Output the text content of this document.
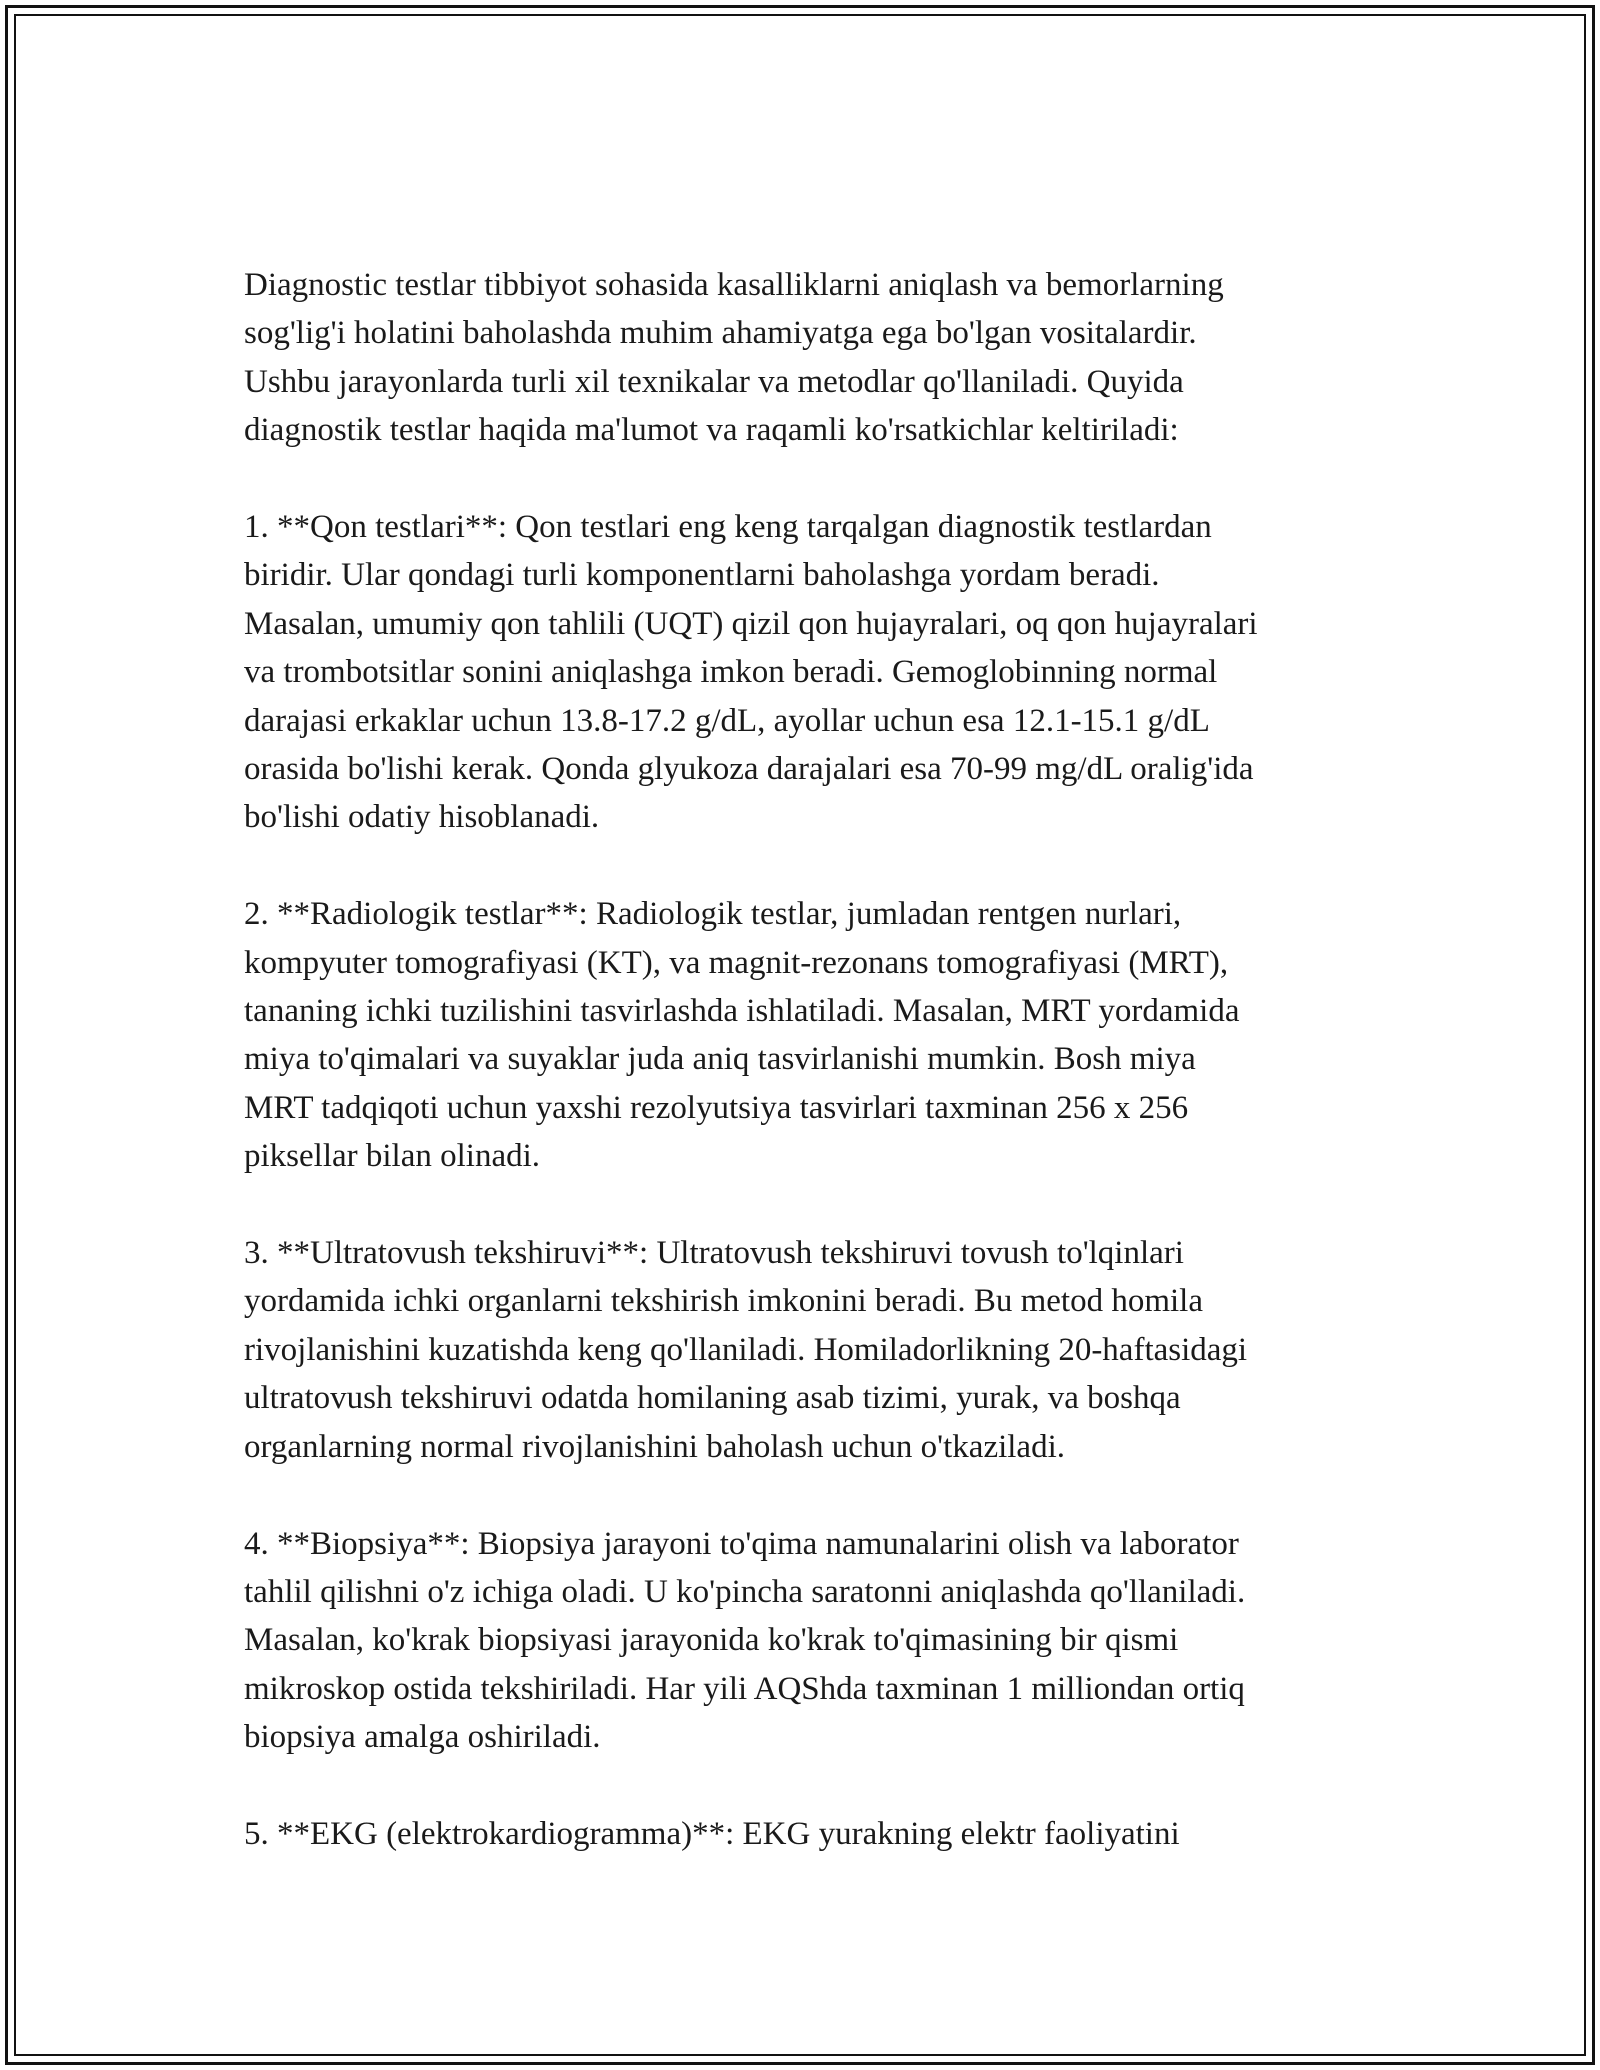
Diagnostic testlar tibbiyot sohasida kasalliklarni aniqlash va bemorlarning
sog'lig'i holatini baholashda muhim ahamiyatga ega bo'lgan vositalardir.
Ushbu jarayonlarda turli xil texnikalar va metodlar qo'llaniladi. Quyida
diagnostik testlar haqida ma'lumot va raqamli ko'rsatkichlar keltiriladi:

1. **Qon testlari**: Qon testlari eng keng tarqalgan diagnostik testlardan
biridir. Ular qondagi turli komponentlarni baholashga yordam beradi.
Masalan, umumiy qon tahlili (UQT) qizil qon hujayralari, oq qon hujayralari
va trombotsitlar sonini aniqlashga imkon beradi. Gemoglobinning normal
darajasi erkaklar uchun 13.8-17.2 g/dL, ayollar uchun esa 12.1-15.1 g/dL
orasida bo'lishi kerak. Qonda glyukoza darajalari esa 70-99 mg/dL oralig'ida
bo'lishi odatiy hisoblanadi.

2. **Radiologik testlar**: Radiologik testlar, jumladan rentgen nurlari,
kompyuter tomografiyasi (KT), va magnit-rezonans tomografiyasi (MRT),
tananing ichki tuzilishini tasvirlashda ishlatiladi. Masalan, MRT yordamida
miya to'qimalari va suyaklar juda aniq tasvirlanishi mumkin. Bosh miya
MRT tadqiqoti uchun yaxshi rezolyutsiya tasvirlari taxminan 256 x 256
piksellar bilan olinadi.

3. **Ultratovush tekshiruvi**: Ultratovush tekshiruvi tovush to'lqinlari
yordamida ichki organlarni tekshirish imkonini beradi. Bu metod homila
rivojlanishini kuzatishda keng qo'llaniladi. Homiladorlikning 20-haftasidagi
ultratovush tekshiruvi odatda homilaning asab tizimi, yurak, va boshqa
organlarning normal rivojlanishini baholash uchun o'tkaziladi.

4. **Biopsiya**: Biopsiya jarayoni to'qima namunalarini olish va laborator
tahlil qilishni o'z ichiga oladi. U ko'pincha saratonni aniqlashda qo'llaniladi.
Masalan, ko'krak biopsiyasi jarayonida ko'krak to'qimasining bir qismi
mikroskop ostida tekshiriladi. Har yili AQShda taxminan 1 milliondan ortiq
biopsiya amalga oshiriladi.

5. **EKG (elektrokardiogramma)**: EKG yurakning elektr faoliyatini
